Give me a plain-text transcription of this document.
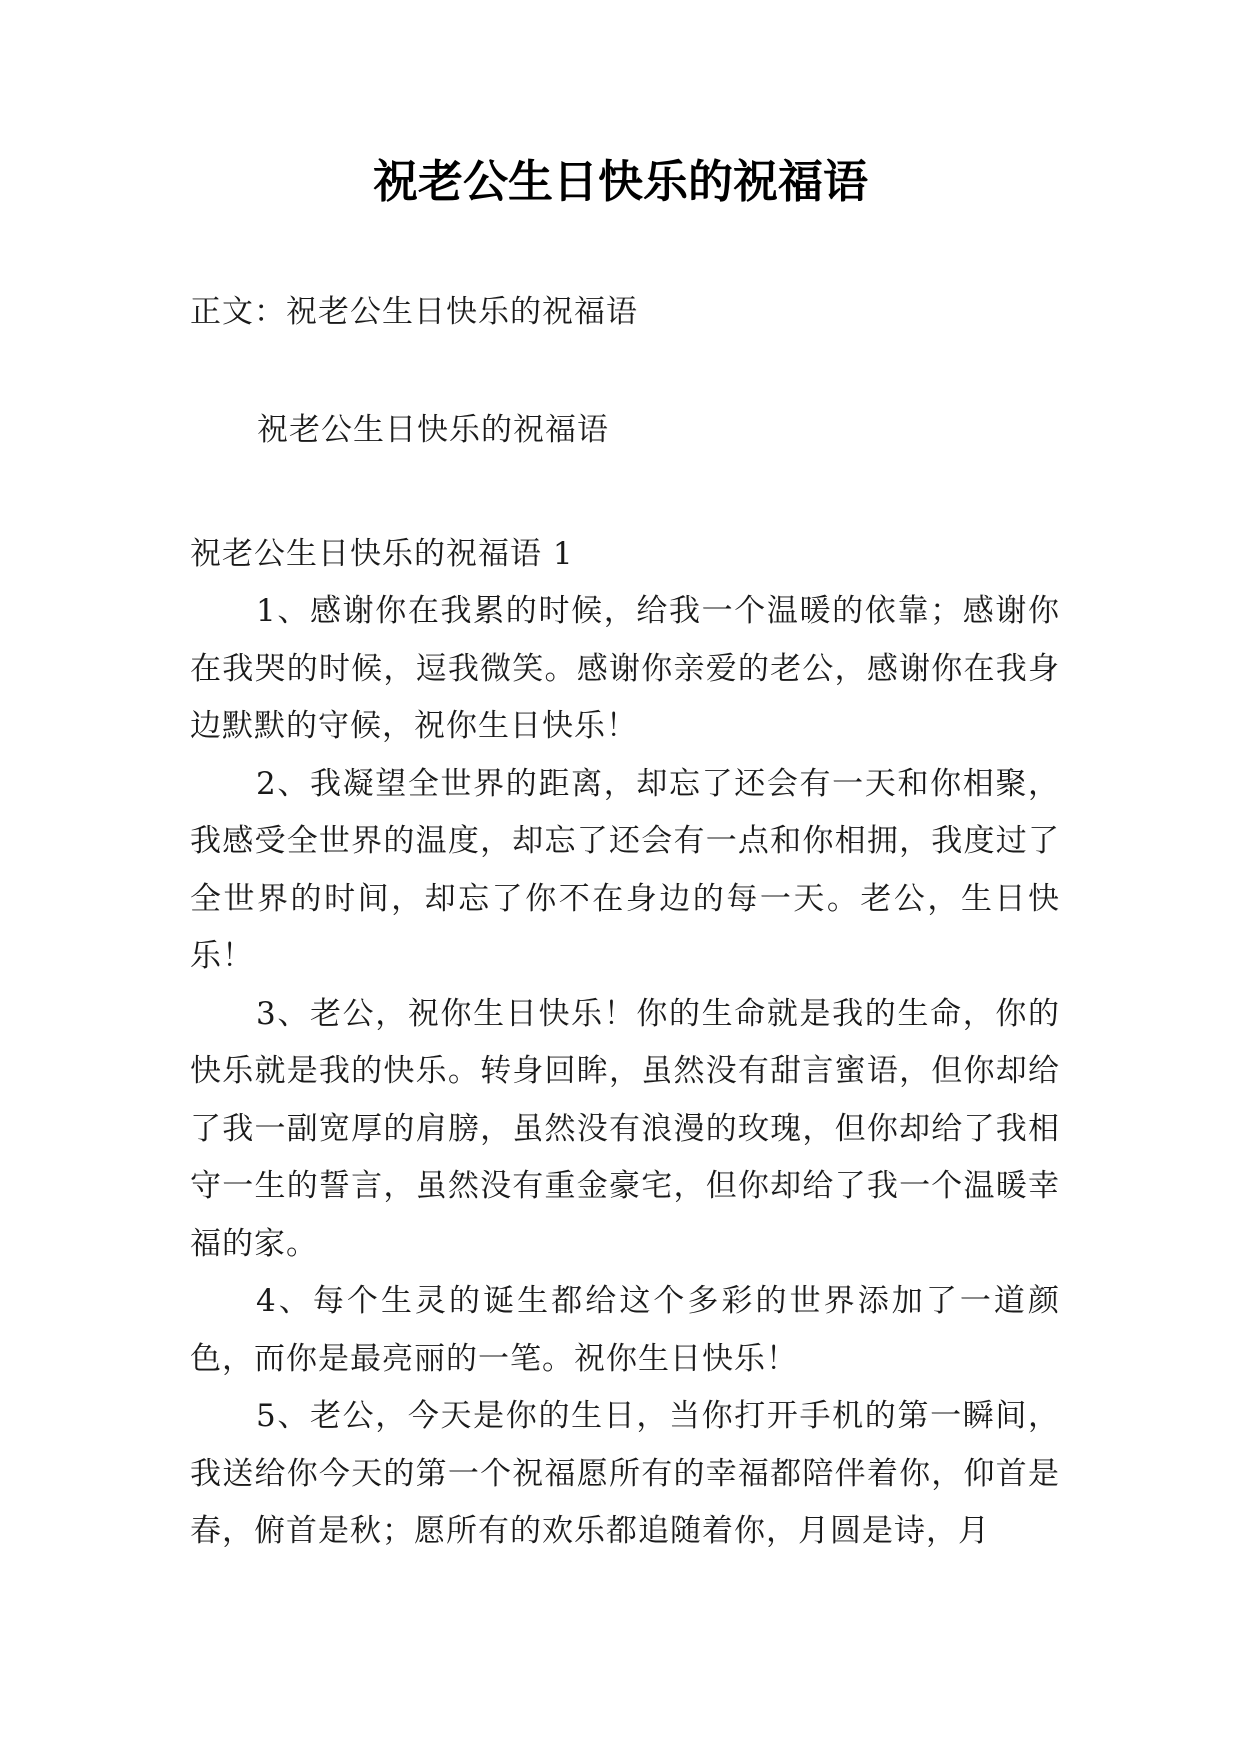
祝老公生日快乐的祝福语

正文：祝老公生日快乐的祝福语

祝老公生日快乐的祝福语

祝老公生日快乐的祝福语 1

1、感谢你在我累的时候，给我一个温暖的依靠；感谢你在我哭的时候，逗我微笑。感谢你亲爱的老公，感谢你在我身边默默的守候，祝你生日快乐！

2、我凝望全世界的距离，却忘了还会有一天和你相聚，我感受全世界的温度，却忘了还会有一点和你相拥，我度过了全世界的时间，却忘了你不在身边的每一天。老公，生日快乐！

3、老公，祝你生日快乐！你的生命就是我的生命，你的快乐就是我的快乐。转身回眸，虽然没有甜言蜜语，但你却给了我一副宽厚的肩膀，虽然没有浪漫的玫瑰，但你却给了我相守一生的誓言，虽然没有重金豪宅，但你却给了我一个温暖幸福的家。

4、每个生灵的诞生都给这个多彩的世界添加了一道颜色，而你是最亮丽的一笔。祝你生日快乐！

5、老公，今天是你的生日，当你打开手机的第一瞬间，我送给你今天的第一个祝福愿所有的幸福都陪伴着你，仰首是春，俯首是秋；愿所有的欢乐都追随着你，月圆是诗，月
